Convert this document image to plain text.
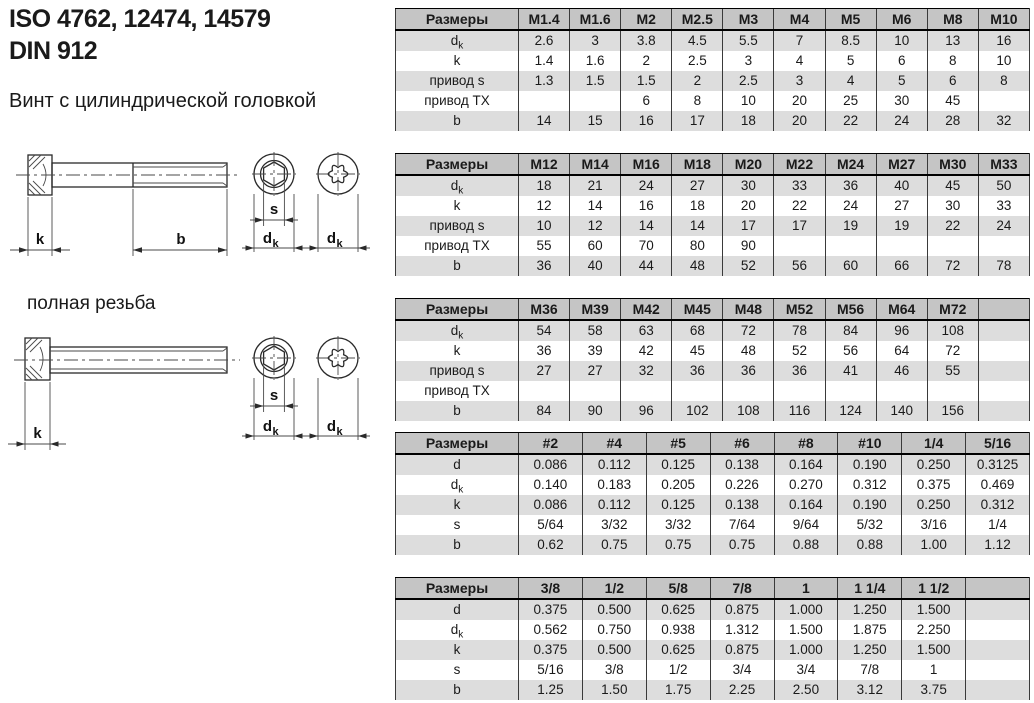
ISO 4762, 12474, 14579
DIN 912
Винт с цилиндрической головкой
k	b
s
d k	d k
полная резьба
k
s
d k	d k
Размеры	M1.4	M1.6	M2	M2.5	M3	M4	M5	M6	M8	M10
$d_k$	2.6	3	3.8	4.5	5.5	7	8.5	10	13	16
k	1.4	1.6	2	2.5	3	4	5	6	8	10
привод s	1.3	1.5	1.5	2	2.5	3	4	5	6	8
привод TX			6	8	10	20	25	30	45	
b	14	15	16	17	18	20	22	24	28	32
Размеры	M12	M14	M16	M18	M20	M22	M24	M27	M30	M33
$d_k$	18	21	24	27	30	33	36	40	45	50
k	12	14	16	18	20	22	24	27	30	33
привод s	10	12	14	14	17	17	19	19	22	24
привод TX	55	60	70	80	90					
b	36	40	44	48	52	56	60	66	72	78
Размеры	M36	M39	M42	M45	M48	M52	M56	M64	M72	
$d_k$	54	58	63	68	72	78	84	96	108	
k	36	39	42	45	48	52	56	64	72	
привод s	27	27	32	36	36	36	41	46	55	
привод TX										
b	84	90	96	102	108	116	124	140	156	
Размеры	#2	#4	#5	#6	#8	#10	1/4	5/16
d	0.086	0.112	0.125	0.138	0.164	0.190	0.250	0.3125
$d_k$	0.140	0.183	0.205	0.226	0.270	0.312	0.375	0.469
k	0.086	0.112	0.125	0.138	0.164	0.190	0.250	0.312
s	5/64	3/32	3/32	7/64	9/64	5/32	3/16	1/4
b	0.62	0.75	0.75	0.75	0.88	0.88	1.00	1.12
Размеры	3/8	1/2	5/8	7/8	1	1 1/4	1 1/2	
d	0.375	0.500	0.625	0.875	1.000	1.250	1.500	
$d_k$	0.562	0.750	0.938	1.312	1.500	1.875	2.250	
k	0.375	0.500	0.625	0.875	1.000	1.250	1.500	
s	5/16	3/8	1/2	3/4	3/4	7/8	1	
b	1.25	1.50	1.75	2.25	2.50	3.12	3.75	
